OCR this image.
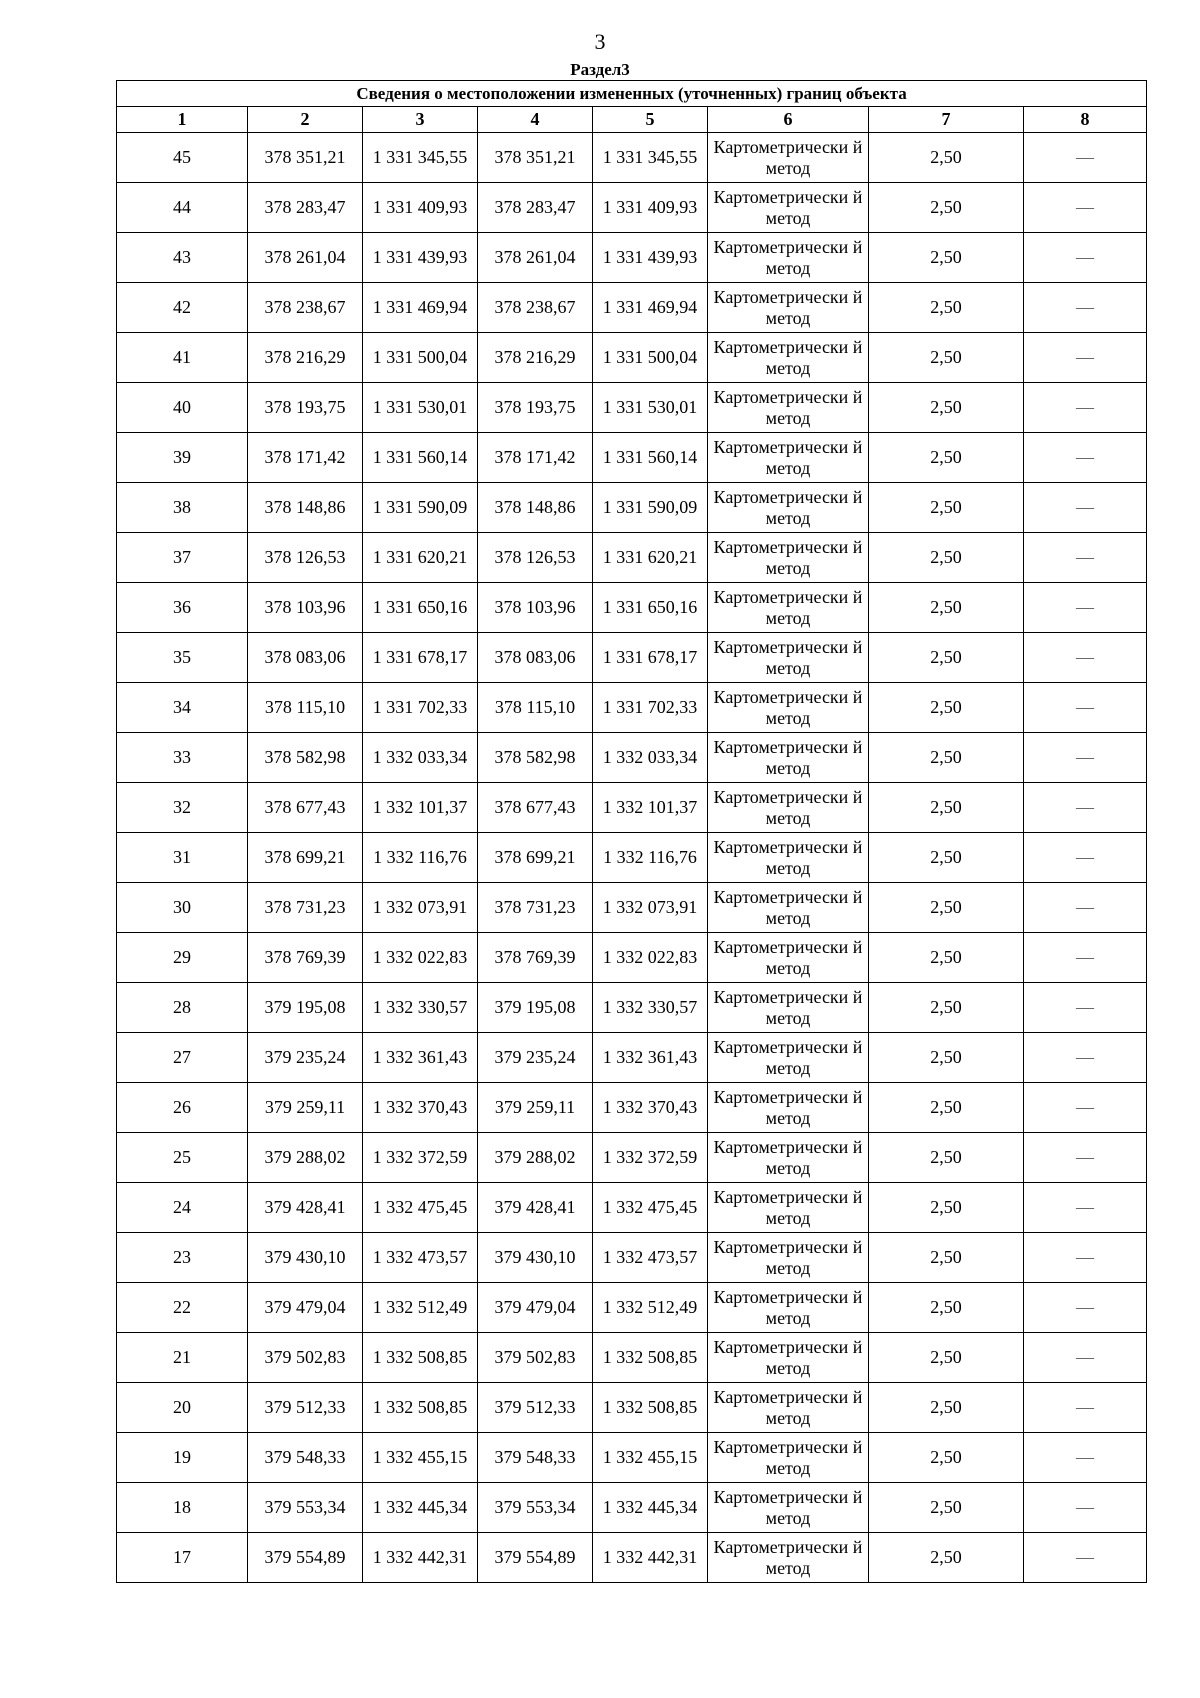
3
Раздел3
Сведения о местоположении измененных (уточненных) границ объекта							
1	2	3	4	5	6	7	8
45	378 351,21	1 331 345,55	378 351,21	1 331 345,55	Картометрически й метод	2,50	—
44	378 283,47	1 331 409,93	378 283,47	1 331 409,93	Картометрически й метод	2,50	—
43	378 261,04	1 331 439,93	378 261,04	1 331 439,93	Картометрически й метод	2,50	—
42	378 238,67	1 331 469,94	378 238,67	1 331 469,94	Картометрически й метод	2,50	—
41	378 216,29	1 331 500,04	378 216,29	1 331 500,04	Картометрически й метод	2,50	—
40	378 193,75	1 331 530,01	378 193,75	1 331 530,01	Картометрически й метод	2,50	—
39	378 171,42	1 331 560,14	378 171,42	1 331 560,14	Картометрически й метод	2,50	—
38	378 148,86	1 331 590,09	378 148,86	1 331 590,09	Картометрически й метод	2,50	—
37	378 126,53	1 331 620,21	378 126,53	1 331 620,21	Картометрически й метод	2,50	—
36	378 103,96	1 331 650,16	378 103,96	1 331 650,16	Картометрически й метод	2,50	—
35	378 083,06	1 331 678,17	378 083,06	1 331 678,17	Картометрически й метод	2,50	—
34	378 115,10	1 331 702,33	378 115,10	1 331 702,33	Картометрически й метод	2,50	—
33	378 582,98	1 332 033,34	378 582,98	1 332 033,34	Картометрически й метод	2,50	—
32	378 677,43	1 332 101,37	378 677,43	1 332 101,37	Картометрически й метод	2,50	—
31	378 699,21	1 332 116,76	378 699,21	1 332 116,76	Картометрически й метод	2,50	—
30	378 731,23	1 332 073,91	378 731,23	1 332 073,91	Картометрически й метод	2,50	—
29	378 769,39	1 332 022,83	378 769,39	1 332 022,83	Картометрически й метод	2,50	—
28	379 195,08	1 332 330,57	379 195,08	1 332 330,57	Картометрически й метод	2,50	—
27	379 235,24	1 332 361,43	379 235,24	1 332 361,43	Картометрически й метод	2,50	—
26	379 259,11	1 332 370,43	379 259,11	1 332 370,43	Картометрически й метод	2,50	—
25	379 288,02	1 332 372,59	379 288,02	1 332 372,59	Картометрически й метод	2,50	—
24	379 428,41	1 332 475,45	379 428,41	1 332 475,45	Картометрически й метод	2,50	—
23	379 430,10	1 332 473,57	379 430,10	1 332 473,57	Картометрически й метод	2,50	—
22	379 479,04	1 332 512,49	379 479,04	1 332 512,49	Картометрически й метод	2,50	—
21	379 502,83	1 332 508,85	379 502,83	1 332 508,85	Картометрически й метод	2,50	—
20	379 512,33	1 332 508,85	379 512,33	1 332 508,85	Картометрически й метод	2,50	—
19	379 548,33	1 332 455,15	379 548,33	1 332 455,15	Картометрически й метод	2,50	—
18	379 553,34	1 332 445,34	379 553,34	1 332 445,34	Картометрически й метод	2,50	—
17	379 554,89	1 332 442,31	379 554,89	1 332 442,31	Картометрически й метод	2,50	—
